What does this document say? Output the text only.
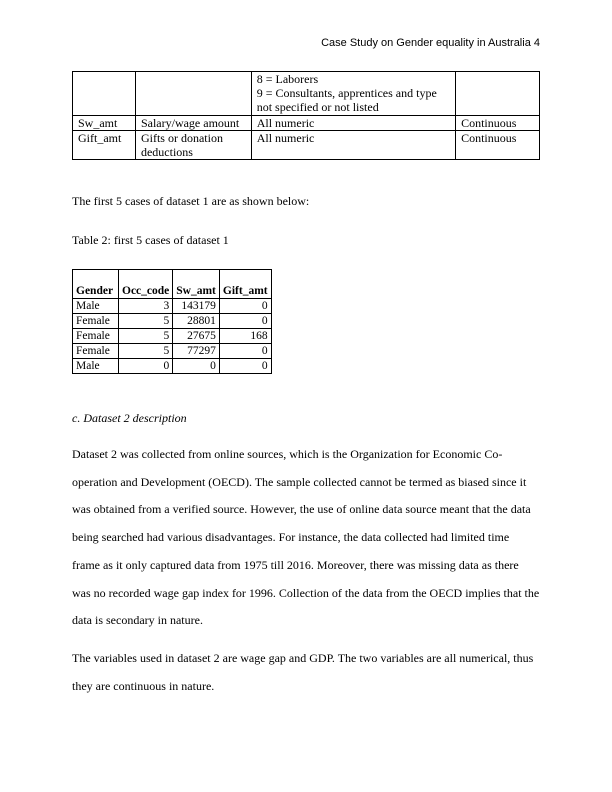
Case Study on Gender equality in Australia 4

		8 = Laborers
9 = Consultants, apprentices and type
not specified or not listed	

Sw_amt	Salary/wage amount	All numeric	Continuous
Gift_amt	Gifts or donation deductions	All numeric	Continuous
The first 5 cases of dataset 1 are as shown below:
Table 2: first 5 cases of dataset 1
Gender	Occ_code	Sw_amt	Gift_amt
Male	3	143179	0
Female	5	28801	0
Female	5	27675	168
Female	5	77297	0
Male	0	0	0
c. Dataset 2 description
Dataset 2 was collected from online sources, which is the Organization for Economic Co-operation and Development (OECD). The sample collected cannot be termed as biased since it was obtained from a verified source. However, the use of online data source meant that the data being searched had various disadvantages. For instance, the data collected had limited time frame as it only captured data from 1975 till 2016. Moreover, there was missing data as there was no recorded wage gap index for 1996. Collection of the data from the OECD implies that the data is secondary in nature.
The variables used in dataset 2 are wage gap and GDP. The two variables are all numerical, thus they are continuous in nature.
